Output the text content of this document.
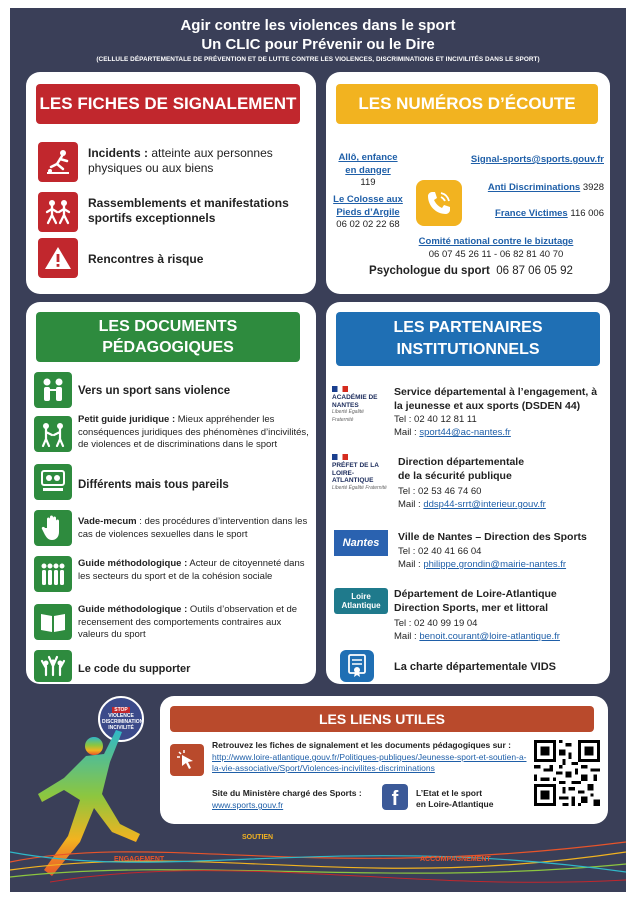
Agir contre les violences dans le sport
Un CLIC pour Prévenir ou le Dire
(CELLULE DÉPARTEMENTALE DE PRÉVENTION ET DE LUTTE CONTRE LES VIOLENCES, DISCRIMINATIONS ET INCIVILITÉS DANS LE SPORT)
LES FICHES DE SIGNALEMENT
Incidents : atteinte aux personnes physiques ou aux biens
Rassemblements et manifestations sportifs exceptionnels
Rencontres à risque
LES NUMÉROS D’ÉCOUTE
Allô, enfance en danger
119
Le Colosse aux Pieds d’Argile
06 02 02 22 68
Signal-sports@sports.gouv.fr
Anti Discriminations 3928
France Victimes 116 006
Comité national contre le bizutage
06 07 45 26 11 - 06 82 81 40 70
Psychologue du sport 06 87 06 05 92
LES DOCUMENTS
PÉDAGOGIQUES
Vers un sport sans violence
Petit guide juridique : Mieux appréhender les conséquences juridiques des phénomènes d’incivilités, de violences et de discriminations dans le sport
Différents mais tous pareils
Vade-mecum : des procédures d’intervention dans les cas de violences sexuelles dans le sport
Guide méthodologique : Acteur de citoyenneté dans les secteurs du sport et de la cohésion sociale
Guide méthodologique : Outils d’observation et de recensement des comportements contraires aux valeurs du sport
Le code du supporter
LES PARTENAIRES
INSTITUTIONNELS
ACADÉMIE DE NANTES
Liberté Égalité Fraternité
Service départemental à l’engagement, à la jeunesse et aux sports (DSDEN 44)
Tel : 02 40 12 81 11
Mail : sport44@ac-nantes.fr
PRÉFET DE LA LOIRE-ATLANTIQUE
Liberté Égalité Fraternité
Direction départementale
de la sécurité publique
Tel : 02 53 46 74 60
Mail : ddsp44-srrt@interieur.gouv.fr
Nantes Ville de Nantes – Direction des Sports
Tel : 02 40 41 66 04
Mail : philippe.grondin@mairie-nantes.fr
Loire Atlantique
Département de Loire-Atlantique
Direction Sports, mer et littoral
Tel : 02 40 99 19 04
Mail : benoit.courant@loire-atlantique.fr
La charte départementale VIDS
LES LIENS UTILES
Retrouvez les fiches de signalement et les documents pédagogiques sur :
http://www.loire-atlantique.gouv.fr/Politiques-publiques/Jeunesse-sport-et-soutien-a-la-vie-associative/Sport/Violences-incivilites-discriminations
Site du Ministère chargé des Sports :
www.sports.gouv.fr	f	L’Etat et le sport
en Loire-Atlantique
STOP
VIOLENCE DISCRIMINATION INCIVILITÉ
ENGAGEMENT
SOUTIEN
ACCOMPAGNEMENT
